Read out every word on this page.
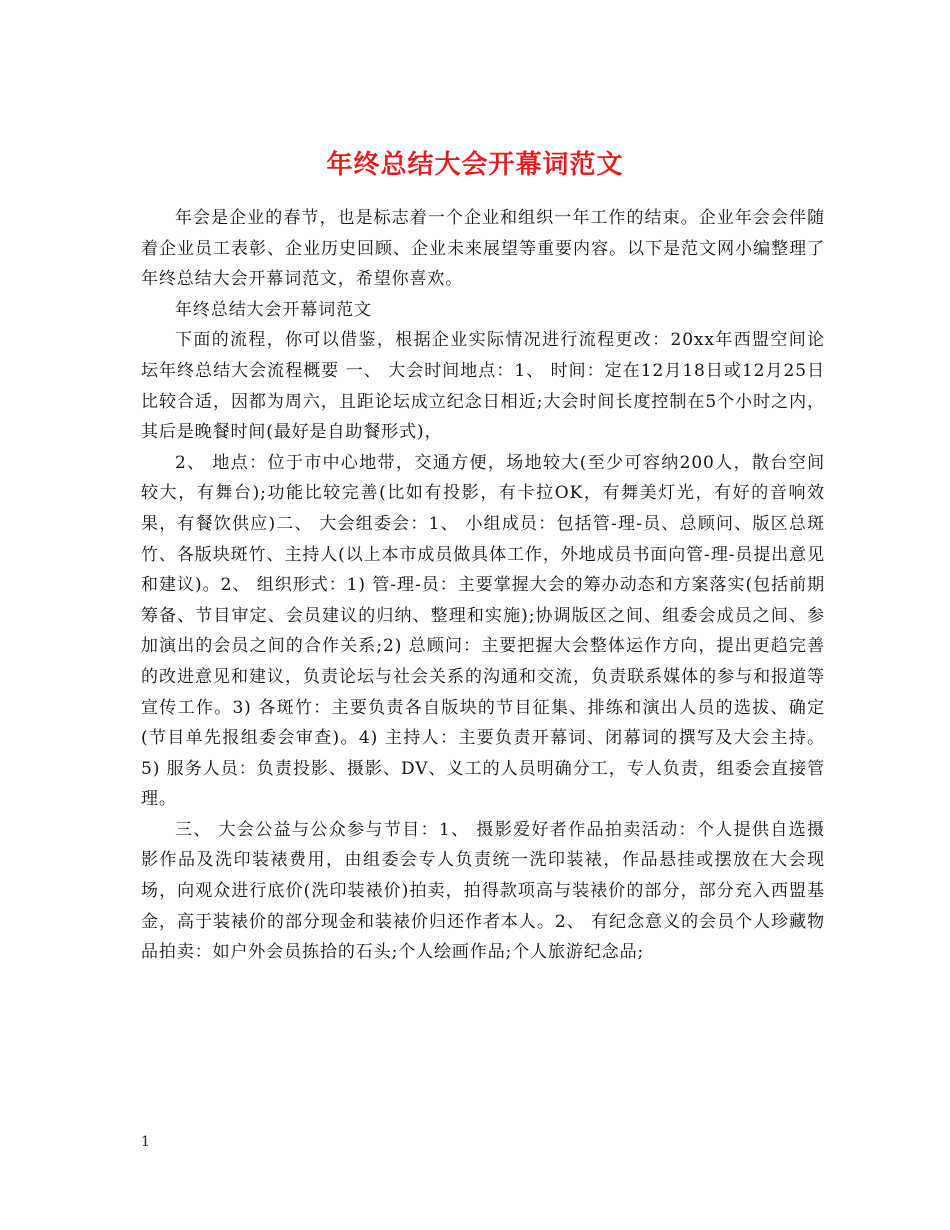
年终总结大会开幕词范文

年会是企业的春节，也是标志着一个企业和组织一年工作的结束。企业年会会伴随着企业员工表彰、企业历史回顾、企业未来展望等重要内容。以下是范文网小编整理了年终总结大会开幕词范文，希望你喜欢。

年终总结大会开幕词范文

下面的流程，你可以借鉴，根据企业实际情况进行流程更改：20xx年西盟空间论坛年终总结大会流程概要 一、 大会时间地点：1、 时间：定在12月18日或12月25日比较合适，因都为周六，且距论坛成立纪念日相近;大会时间长度控制在5个小时之内，其后是晚餐时间(最好是自助餐形式)，

2、 地点：位于市中心地带，交通方便，场地较大(至少可容纳200人，散台空间较大，有舞台);功能比较完善(比如有投影，有卡拉OK，有舞美灯光，有好的音响效果，有餐饮供应)二、 大会组委会：1、 小组成员：包括管-理-员、总顾问、版区总斑竹、各版块斑竹、主持人(以上本市成员做具体工作，外地成员书面向管-理-员提出意见和建议)。2、 组织形式：1) 管-理-员：主要掌握大会的筹办动态和方案落实(包括前期筹备、节目审定、会员建议的归纳、整理和实施);协调版区之间、组委会成员之间、参加演出的会员之间的合作关系;2) 总顾问：主要把握大会整体运作方向，提出更趋完善的改进意见和建议，负责论坛与社会关系的沟通和交流，负责联系媒体的参与和报道等宣传工作。3) 各斑竹：主要负责各自版块的节目征集、排练和演出人员的选拔、确定(节目单先报组委会审查)。4) 主持人：主要负责开幕词、闭幕词的撰写及大会主持。5) 服务人员：负责投影、摄影、DV、义工的人员明确分工，专人负责，组委会直接管理。

三、 大会公益与公众参与节目：1、 摄影爱好者作品拍卖活动：个人提供自选摄影作品及洗印装裱费用，由组委会专人负责统一洗印装裱，作品悬挂或摆放在大会现场，向观众进行底价(洗印装裱价)拍卖，拍得款项高与装裱价的部分，部分充入西盟基金，高于装裱价的部分现金和装裱价归还作者本人。2、 有纪念意义的会员个人珍藏物品拍卖：如户外会员拣拾的石头;个人绘画作品;个人旅游纪念品;

1
